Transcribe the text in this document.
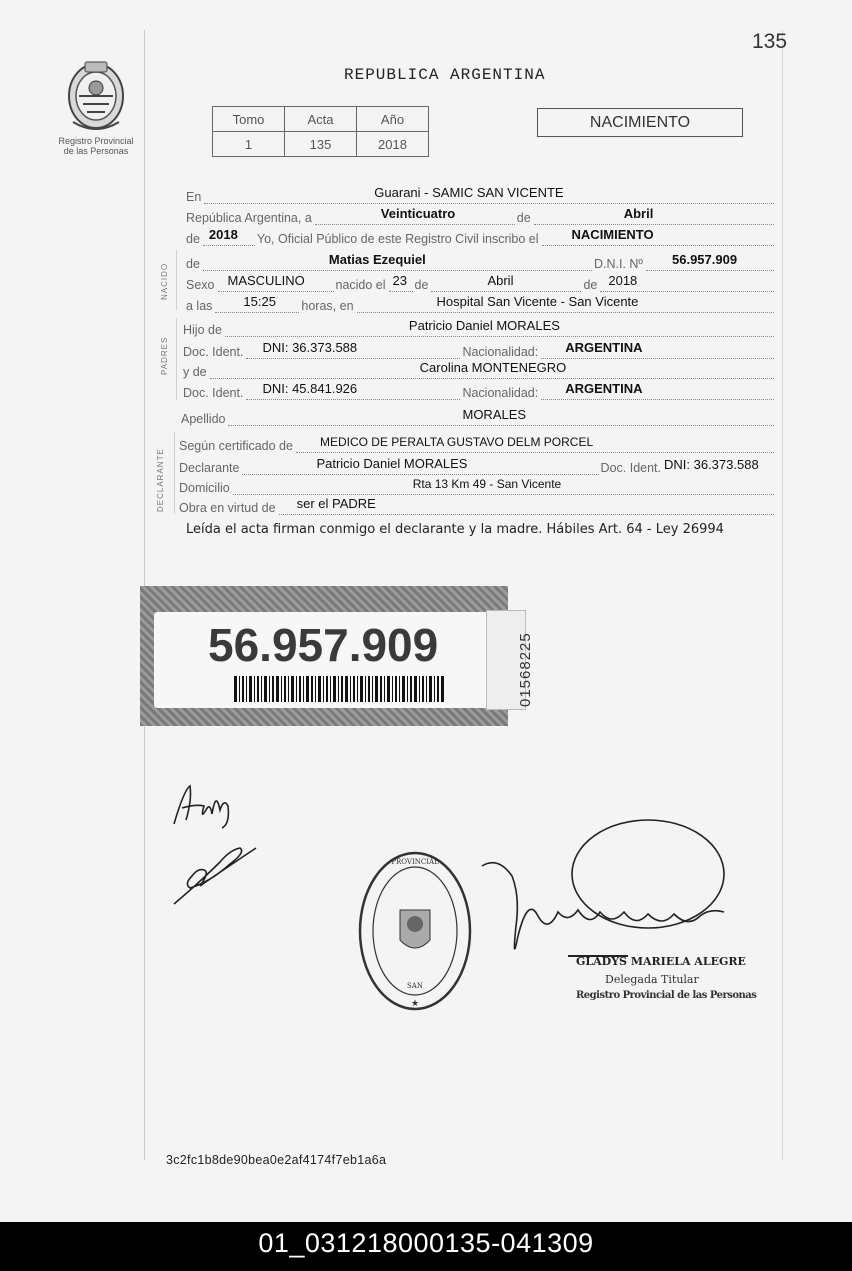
135
Registro Provincial de las Personas
REPUBLICA ARGENTINA
Tomo	Acta	Año
1	135	2018
NACIMIENTO
En	Guarani - SAMIC SAN VICENTE
República Argentina, a	Veinticuatro	de	Abril
de 2018 Yo, Oficial Público de este Registro Civil inscribo el	NACIMIENTO
NACIDO de	Matias Ezequiel	D.N.I. Nº 56.957.909
Sexo MASCULINO nacido el 23 de	Abril	de 2018
a las 15:25 horas, en	Hospital San Vicente - San Vicente
PADRES
Hijo de	Patricio Daniel MORALES
Doc. Ident. DNI: 36.373.588	Nacionalidad: ARGENTINA
y de	Carolina MONTENEGRO
Doc. Ident. DNI: 45.841.926	Nacionalidad: ARGENTINA
Apellido	MORALES
DECLARANTE
Según certificado de MEDICO DE PERALTA GUSTAVO DELM PORCEL
Declarante	Patricio Daniel MORALES	Doc. Ident. DNI: 36.373.588
Domicilio	Rta 13 Km 49 - San Vicente
Obra en virtud de ser el PADRE
Leída el acta firman conmigo el declarante y la madre. Hábiles Art. 64 - Ley 26994
56.957.909	01568225
PROVINCIAL
SAN
★
GLADYS MARIELA ALEGRE
Delegada Titular
Registro Provincial de las Personas
3c2fc1b8de90bea0e2af4174f7eb1a6a
01_031218000135-041309
